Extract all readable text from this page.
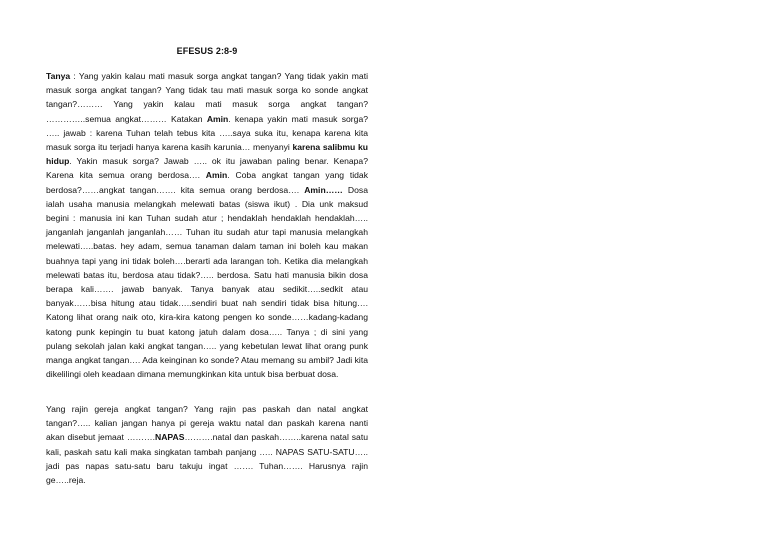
EFESUS 2:8-9

Tanya : Yang yakin kalau mati masuk sorga angkat tangan? Yang tidak yakin mati masuk sorga angkat tangan? Yang tidak tau mati masuk sorga ko sonde angkat tangan?……… Yang yakin kalau mati masuk sorga angkat tangan? …………..semua angkat……… Katakan Amin. kenapa yakin mati masuk sorga? ….. jawab : karena Tuhan telah tebus kita …..saya suka itu, kenapa karena kita masuk sorga itu terjadi hanya karena kasih karunia… menyanyi karena salibmu ku hidup. Yakin masuk sorga? Jawab ….. ok itu jawaban paling benar. Kenapa? Karena kita semua orang berdosa…. Amin. Coba angkat tangan yang tidak berdosa?……angkat tangan……. kita semua orang berdosa…. Amin…… Dosa ialah usaha manusia melangkah melewati batas (siswa ikut) . Dia unk maksud begini : manusia ini kan Tuhan sudah atur ; hendaklah hendaklah hendaklah….. janganlah janganlah janganlah…… Tuhan itu sudah atur tapi manusia melangkah melewati…..batas. hey adam, semua tanaman dalam taman ini boleh kau makan buahnya tapi yang ini tidak boleh….berarti ada larangan toh. Ketika dia melangkah melewati batas itu, berdosa atau tidak?….. berdosa. Satu hati manusia bikin dosa berapa kali……. jawab banyak. Tanya banyak atau sedikit…..sedkit atau banyak……bisa hitung atau tidak…..sendiri buat nah sendiri tidak bisa hitung…. Katong lihat orang naik oto, kira-kira katong pengen ko sonde……kadang-kadang katong punk kepingin tu buat katong jatuh dalam dosa….. Tanya ; di sini yang pulang sekolah jalan kaki angkat tangan….. yang kebetulan lewat lihat orang punk manga angkat tangan…. Ada keinginan ko sonde? Atau memang su ambil? Jadi kita dikelilingi oleh keadaan dimana memungkinkan kita untuk bisa berbuat dosa.

Yang rajin gereja angkat tangan? Yang rajin pas paskah dan natal angkat tangan?….. kalian jangan hanya pi gereja waktu natal dan paskah karena nanti akan disebut jemaat ……….NAPAS……….natal dan paskah……..karena natal satu kali, paskah satu kali maka singkatan tambah panjang ….. NAPAS SATU-SATU….. jadi pas napas satu-satu baru takuju ingat ……. Tuhan……. Harusnya rajin ge…..reja.
